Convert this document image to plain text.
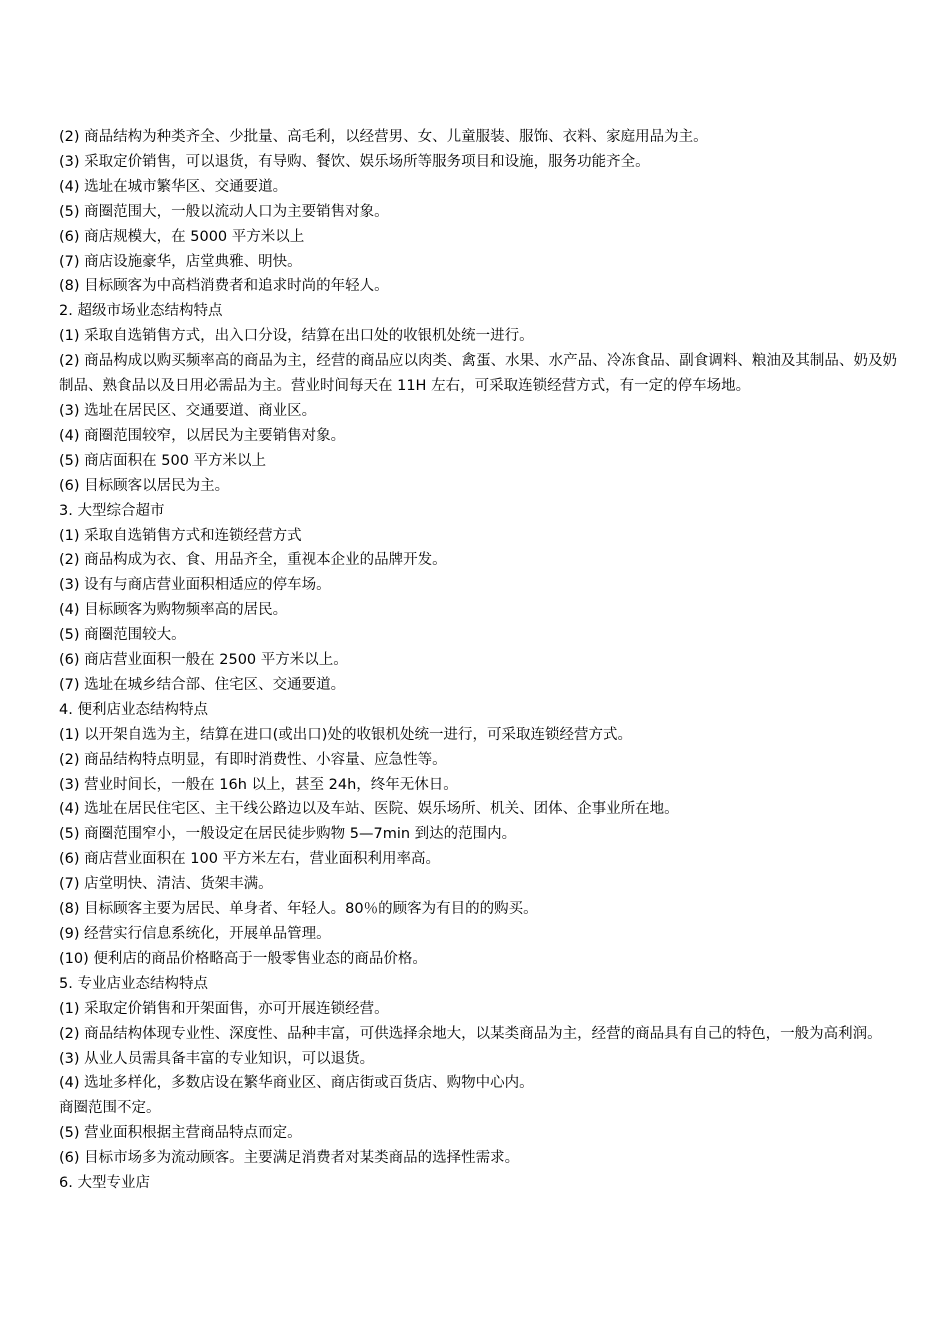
(2) 商品结构为种类齐全、少批量、高毛利，以经营男、女、儿童服装、服饰、衣料、家庭用品为主。

(3) 采取定价销售，可以退货，有导购、餐饮、娱乐场所等服务项目和设施，服务功能齐全。

(4) 选址在城市繁华区、交通要道。

(5) 商圈范围大，一般以流动人口为主要销售对象。

(6) 商店规模大，在 5000 平方米以上

(7) 商店设施豪华，店堂典雅、明快。

(8) 目标顾客为中高档消费者和追求时尚的年轻人。

2. 超级市场业态结构特点

(1) 采取自选销售方式，出入口分设，结算在出口处的收银机处统一进行。

(2) 商品构成以购买频率高的商品为主，经营的商品应以肉类、禽蛋、水果、水产品、冷冻食品、副食调料、粮油及其制品、奶及奶制品、熟食品以及日用必需品为主。营业时间每天在 11H 左右，可采取连锁经营方式，有一定的停车场地。

(3) 选址在居民区、交通要道、商业区。

(4) 商圈范围较窄，以居民为主要销售对象。

(5) 商店面积在 500 平方米以上

(6) 目标顾客以居民为主。

3. 大型综合超市

(1) 采取自选销售方式和连锁经营方式

(2) 商品构成为衣、食、用品齐全，重视本企业的品牌开发。

(3) 设有与商店营业面积相适应的停车场。

(4) 目标顾客为购物频率高的居民。

(5) 商圈范围较大。

(6) 商店营业面积一般在 2500 平方米以上。

(7) 选址在城乡结合部、住宅区、交通要道。

4. 便利店业态结构特点

(1) 以开架自选为主，结算在进口(或出口)处的收银机处统一进行，可采取连锁经营方式。

(2) 商品结构特点明显，有即时消费性、小容量、应急性等。

(3) 营业时间长，一般在 16h 以上，甚至 24h，终年无休日。

(4) 选址在居民住宅区、主干线公路边以及车站、医院、娱乐场所、机关、团体、企事业所在地。

(5) 商圈范围窄小，一般设定在居民徒步购物 5—7min 到达的范围内。

(6) 商店营业面积在 100 平方米左右，营业面积利用率高。

(7) 店堂明快、清洁、货架丰满。

(8) 目标顾客主要为居民、单身者、年轻人。80％的顾客为有目的的购买。

(9) 经营实行信息系统化，开展单品管理。

(10) 便利店的商品价格略高于一般零售业态的商品价格。

5. 专业店业态结构特点

(1) 采取定价销售和开架面售，亦可开展连锁经营。

(2) 商品结构体现专业性、深度性、品种丰富，可供选择余地大，以某类商品为主，经营的商品具有自己的特色，一般为高利润。

(3) 从业人员需具备丰富的专业知识，可以退货。

(4) 选址多样化，多数店设在繁华商业区、商店街或百货店、购物中心内。

商圈范围不定。

(5) 营业面积根据主营商品特点而定。

(6) 目标市场多为流动顾客。主要满足消费者对某类商品的选择性需求。

6. 大型专业店
